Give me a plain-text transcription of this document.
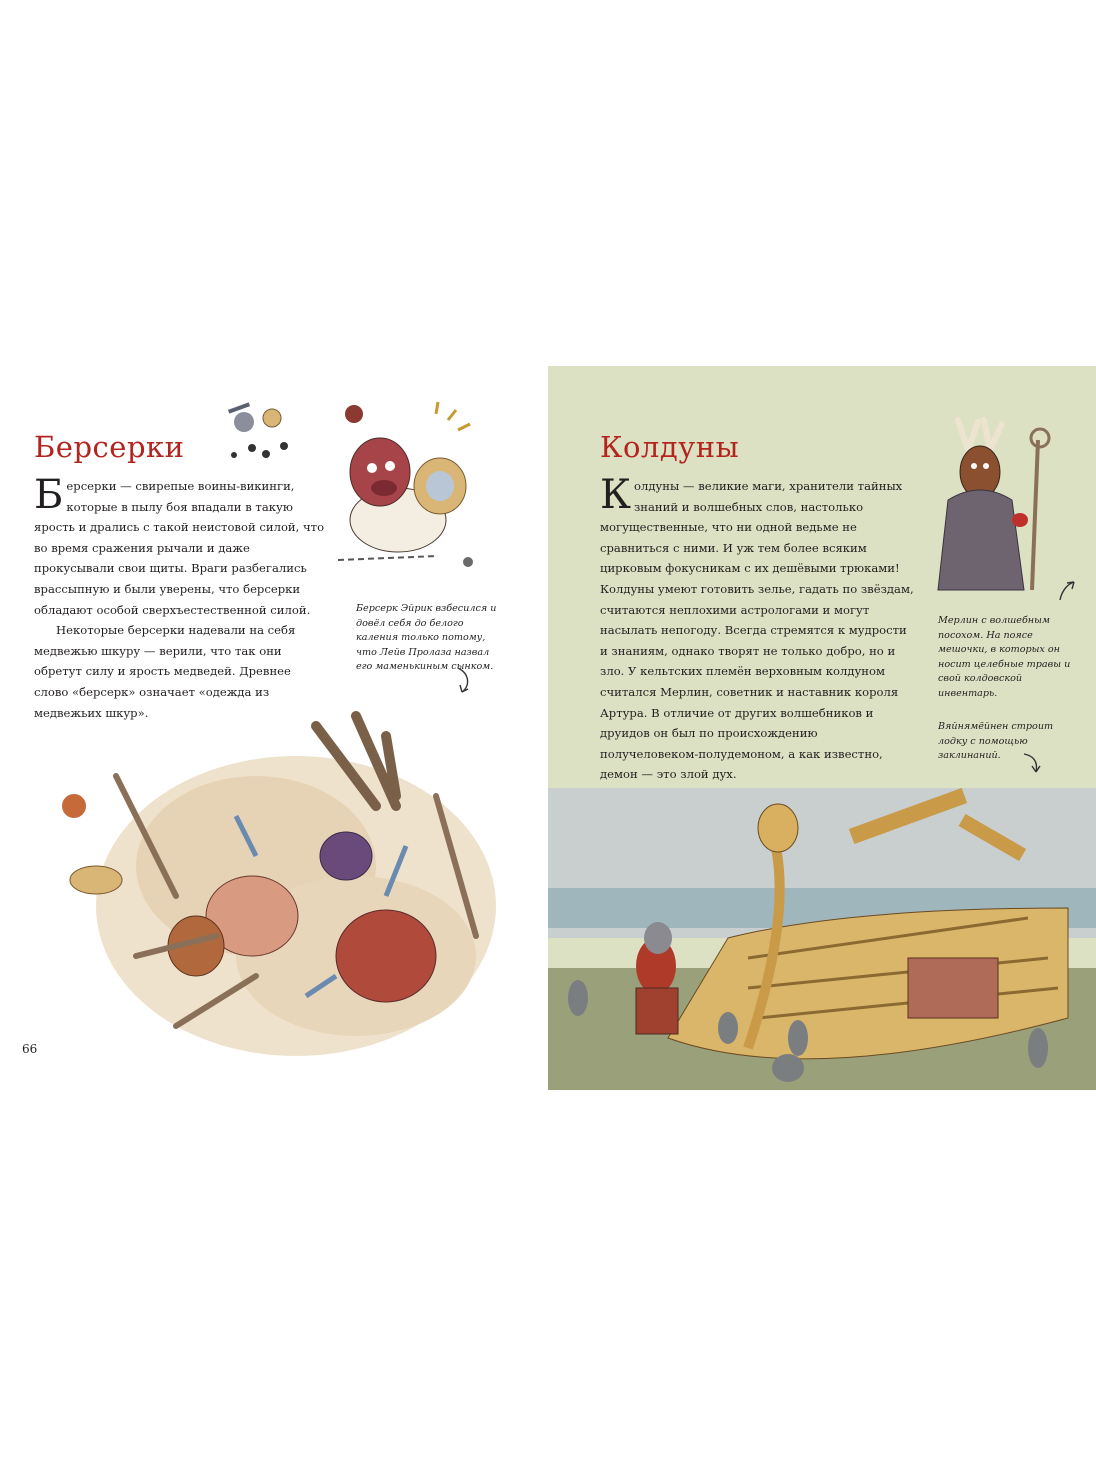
Берсерки

Берсерки — свирепые воины-викинги, которые в пылу боя впадали в такую ярость и дрались с такой неистовой силой, что во время сражения рычали и даже прокусывали свои щиты. Враги разбегались врассыпную и были уверены, что берсерки обладают особой сверхъестественной силой.

Некоторые берсерки надевали на себя медвежью шкуру — верили, что так они обретут силу и ярость медведей. Древнее слово «берсерк» означает «одежда из медвежьих шкур».

Берсерк Эйрик взбесился и довёл себя до белого каления только потому, что Лейв Пролаза назвал его маменькиным сынком.
66
Колдуны

Колдуны — великие маги, хранители тайных знаний и волшебных слов, настолько могущественные, что ни одной ведьме не сравниться с ними. И уж тем более всяким цирковым фокусникам с их дешёвыми трюками! Колдуны умеют готовить зелье, гадать по звёздам, считаются неплохими астрологами и могут насылать непогоду. Всегда стремятся к мудрости и знаниям, однако творят не только добро, но и зло. У кельтских племён верховным колдуном считался Мерлин, советник и наставник короля Артура. В отличие от других волшебников и друидов он был по происхождению получеловеком-полудемоном, а как известно, демон — это злой дух.

Мерлин с волшебным посохом. На поясе мешочки, в которых он носит целебные травы и свой колдовской инвентарь.
Вяйнямёйнен строит лодку с помощью заклинаний.
